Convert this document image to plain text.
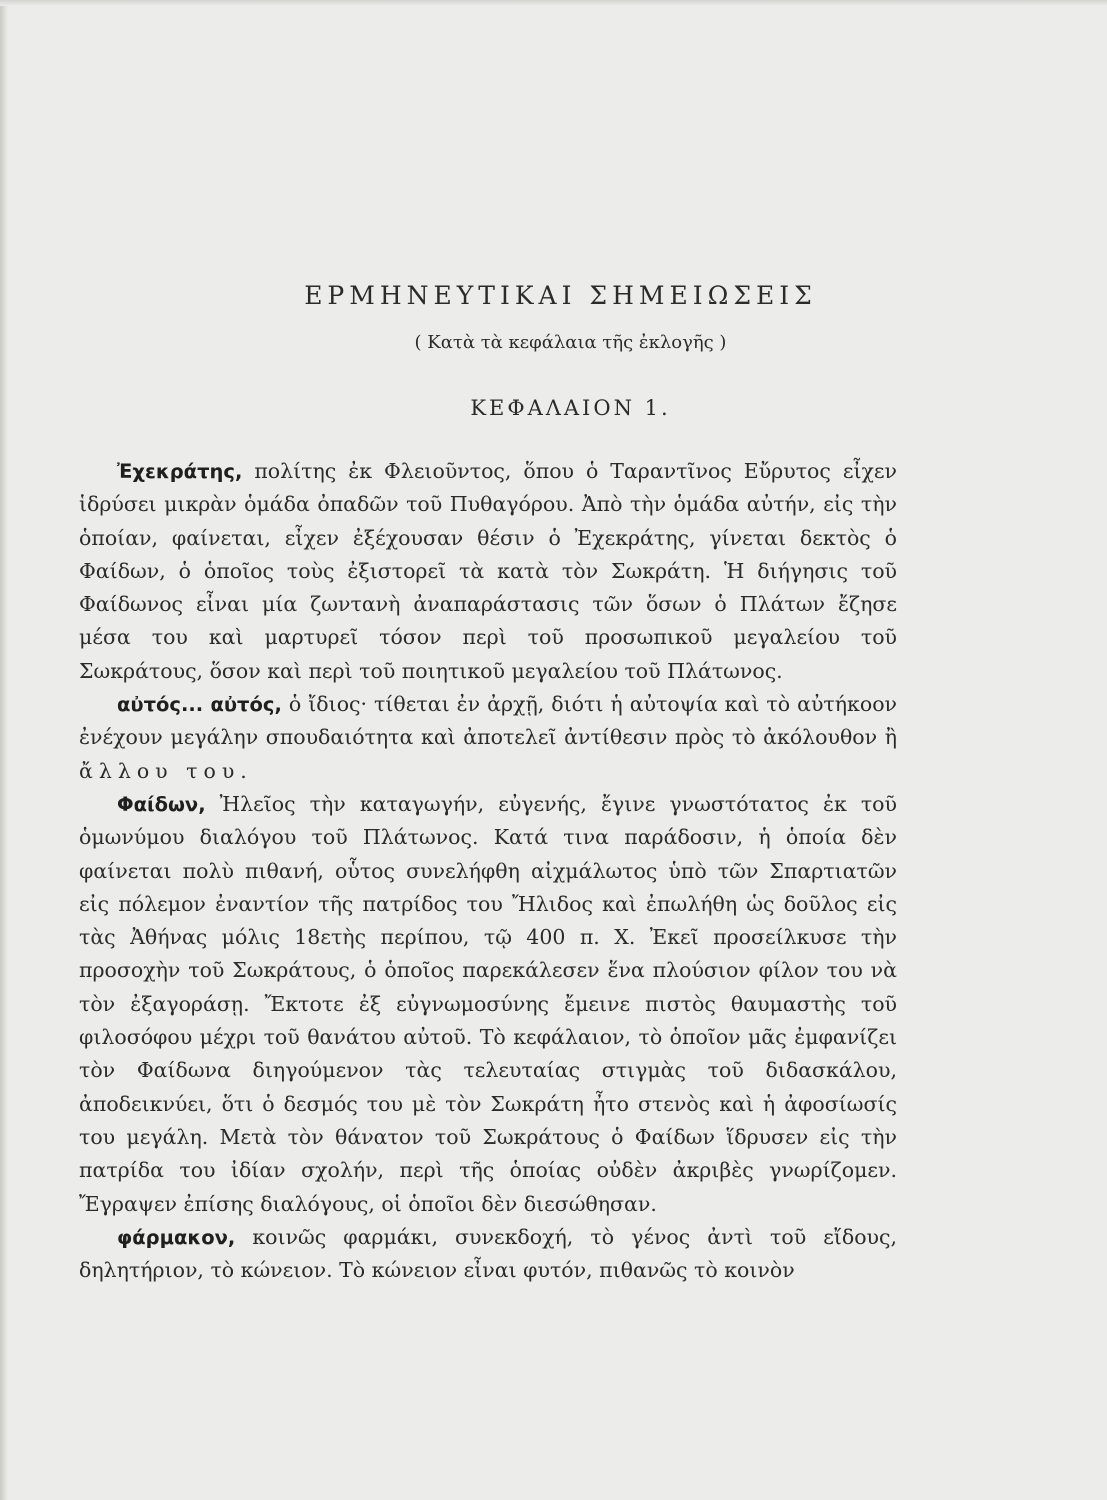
ΕΡΜΗΝΕΥΤΙΚΑΙ ΣΗΜΕΙΩΣΕΙΣ
( Κατὰ τὰ κεφάλαια τῆς ἐκλογῆς )
ΚΕΦΑΛΑΙΟΝ 1.

Ἐχεκράτης, πολίτης ἐκ Φλειοῦντος, ὅπου ὁ Ταραντῖνος Εὔρυτος εἶχεν ἱδρύσει μικρὰν ὁμάδα ὀπαδῶν τοῦ Πυθαγόρου. Ἀπὸ τὴν ὁμάδα αὐτήν, εἰς τὴν ὁποίαν, φαίνεται, εἶχεν ἐξέχουσαν θέσιν ὁ Ἐχεκράτης, γίνεται δεκτὸς ὁ Φαίδων, ὁ ὁποῖος τοὺς ἐξιστορεῖ τὰ κατὰ τὸν Σωκράτη. Ἡ διήγησις τοῦ Φαίδωνος εἶναι μία ζωντανὴ ἀναπαράστασις τῶν ὅσων ὁ Πλάτων ἔζησε μέσα του καὶ μαρτυρεῖ τόσον περὶ τοῦ προσωπικοῦ μεγαλείου τοῦ Σωκράτους, ὅσον καὶ περὶ τοῦ ποιητικοῦ μεγαλείου τοῦ Πλάτωνος.

αὐτός... αὐτός, ὁ ἴδιος· τίθεται ἐν ἀρχῇ, διότι ἡ αὐτοψία καὶ τὸ αὐτήκοον ἐνέχουν μεγάλην σπουδαιότητα καὶ ἀποτελεῖ ἀντίθεσιν πρὸς τὸ ἀκόλουθον ἢ ἄλλου του.

Φαίδων, Ἠλεῖος τὴν καταγωγήν, εὐγενής, ἔγινε γνωστότατος ἐκ τοῦ ὁμωνύμου διαλόγου τοῦ Πλάτωνος. Κατά τινα παράδοσιν, ἡ ὁποία δὲν φαίνεται πολὺ πιθανή, οὗτος συνελήφθη αἰχμάλωτος ὑπὸ τῶν Σπαρτιατῶν εἰς πόλεμον ἐναντίον τῆς πατρίδος του Ἤλιδος καὶ ἐπωλήθη ὡς δοῦλος εἰς τὰς Ἀθήνας μόλις 18ετὴς περίπου, τῷ 400 π. Χ. Ἐκεῖ προσείλκυσε τὴν προσοχὴν τοῦ Σωκράτους, ὁ ὁποῖος παρεκάλεσεν ἕνα πλούσιον φίλον του νὰ τὸν ἐξαγοράσῃ. Ἔκτοτε ἐξ εὐγνωμοσύνης ἔμεινε πιστὸς θαυμαστὴς τοῦ φιλοσόφου μέχρι τοῦ θανάτου αὐτοῦ. Τὸ κεφάλαιον, τὸ ὁποῖον μᾶς ἐμφανίζει τὸν Φαίδωνα διηγούμενον τὰς τελευταίας στιγμὰς τοῦ διδασκάλου, ἀποδεικνύει, ὅτι ὁ δεσμός του μὲ τὸν Σωκράτη ἦτο στενὸς καὶ ἡ ἀφοσίωσίς του μεγάλη. Μετὰ τὸν θάνατον τοῦ Σωκράτους ὁ Φαίδων ἵδρυσεν εἰς τὴν πατρίδα του ἰδίαν σχολήν, περὶ τῆς ὁποίας οὐδὲν ἀκριβὲς γνωρίζομεν. Ἔγραψεν ἐπίσης διαλόγους, οἱ ὁποῖοι δὲν διεσώθησαν.

φάρμακον, κοινῶς φαρμάκι, συνεκδοχή, τὸ γένος ἀντὶ τοῦ εἴδους, δηλητήριον, τὸ κώνειον. Τὸ κώνειον εἶναι φυτόν, πιθανῶς τὸ κοινὸν
